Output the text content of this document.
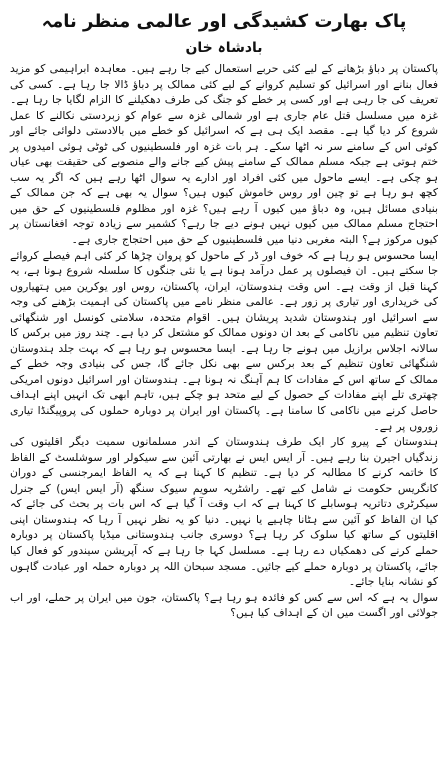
پاک بھارت کشیدگی اور عالمی منظر نامہ
بادشاہ خان

پاکستان پر دباؤ بڑھانے کے لیے کئی حربے استعمال کیے جا رہے ہیں۔ معاہدہ ابراہیمی کو مزید فعال بنانے اور اسرائیل کو تسلیم کروانے کے لیے کئی ممالک پر دباؤ ڈالا جا رہا ہے۔ کسی کی تعریف کی جا رہی ہے اور کسی پر خطے کو جنگ کی طرف دھکیلنے کا الزام لگایا جا رہا ہے۔ غزہ میں مسلسل قتل عام جاری ہے اور شمالی غزہ سے عوام کو زبردستی نکالنے کا عمل شروع کر دیا گیا ہے۔ مقصد ایک ہی ہے کہ اسرائیل کو خطے میں بالادستی دلوائی جائے اور کوئی اس کے سامنے سر نہ اٹھا سکے۔ ہر بات غزہ اور فلسطینیوں کی ٹوٹی ہوئی امیدوں پر ختم ہوتی ہے جبکہ مسلم ممالک کے سامنے پیش کیے جانے والے منصوبے کی حقیقت بھی عیاں ہو چکی ہے۔ ایسے ماحول میں کئی افراد اور ادارے یہ سوال اٹھا رہے ہیں کہ اگر یہ سب کچھ ہو رہا ہے تو چین اور روس خاموش کیوں ہیں؟ سوال یہ بھی ہے کہ جن ممالک کے بنیادی مسائل ہیں، وہ دباؤ میں کیوں آ رہے ہیں؟ غزہ اور مظلوم فلسطینیوں کے حق میں احتجاج مسلم ممالک میں کیوں نہیں ہونے دیے جا رہے؟ کشمیر سے زیادہ توجہ افغانستان پر کیوں مرکوز ہے؟ البتہ مغربی دنیا میں فلسطینیوں کے حق میں احتجاج جاری ہے۔

ایسا محسوس ہو رہا ہے کہ خوف اور ڈر کے ماحول کو پروان چڑھا کر کئی اہم فیصلے کروائے جا سکتے ہیں۔ ان فیصلوں پر عمل درآمد ہونا ہے یا نئی جنگوں کا سلسلہ شروع ہونا ہے، یہ کہنا قبل از وقت ہے۔ اس وقت ہندوستان، ایران، پاکستان، روس اور یوکرین میں ہتھیاروں کی خریداری اور تیاری پر زور ہے۔ عالمی منظر نامے میں پاکستان کی اہمیت بڑھنے کی وجہ سے اسرائیل اور ہندوستان شدید پریشان ہیں۔ اقوام متحدہ، سلامتی کونسل اور شنگھائی تعاون تنظیم میں ناکامی کے بعد ان دونوں ممالک کو مشتعل کر دیا ہے۔ چند روز میں برکس کا سالانہ اجلاس برازیل میں ہونے جا رہا ہے۔ ایسا محسوس ہو رہا ہے کہ بہت جلد ہندوستان شنگھائی تعاون تنظیم کے بعد برکس سے بھی نکل جائے گا، جس کی بنیادی وجہ خطے کے ممالک کے ساتھ اس کے مفادات کا ہم آہنگ نہ ہونا ہے۔ ہندوستان اور اسرائیل دونوں امریکی چھتری تلے اپنے مفادات کے حصول کے لیے متحد ہو چکے ہیں، تاہم ابھی تک انہیں اپنے اہداف حاصل کرنے میں ناکامی کا سامنا ہے۔ پاکستان اور ایران پر دوبارہ حملوں کی پروپیگنڈا تیاری زوروں پر ہے۔

ہندوستان کے پیرو کار ایک طرف ہندوستان کے اندر مسلمانوں سمیت دیگر اقلیتوں کی زندگیاں اجیرن بنا رہے ہیں۔ آر ایس ایس نے بھارتی آئین سے سیکولر اور سوشلسٹ کے الفاظ کا خاتمہ کرنے کا مطالبہ کر دیا ہے۔ تنظیم کا کہنا ہے کہ یہ الفاظ ایمرجنسی کے دوران کانگریس حکومت نے شامل کیے تھے۔ راشٹریہ سویم سیوک سنگھ (آر ایس ایس) کے جنرل سیکرٹری دتاتریہ ہوسابلے کا کہنا ہے کہ اب وقت آ گیا ہے کہ اس بات پر بحث کی جائے کہ کیا ان الفاظ کو آئین سے ہٹانا چاہیے یا نہیں۔ دنیا کو یہ نظر نہیں آ رہا کہ ہندوستان اپنی اقلیتوں کے ساتھ کیا سلوک کر رہا ہے؟ دوسری جانب ہندوستانی میڈیا پاکستان پر دوبارہ حملے کرنے کی دھمکیاں دے رہا ہے۔ مسلسل کہا جا رہا ہے کہ آپریشن سیندور کو فعال کیا جائے، پاکستان پر دوبارہ حملے کیے جائیں۔ مسجد سبحان اللہ پر دوبارہ حملہ اور عبادت گاہوں کو نشانہ بنایا جائے۔

سوال یہ ہے کہ اس سے کس کو فائدہ ہو رہا ہے؟ پاکستان، جون میں ایران پر حملے، اور اب جولائی اور اگست میں ان کے اہداف کیا ہیں؟
